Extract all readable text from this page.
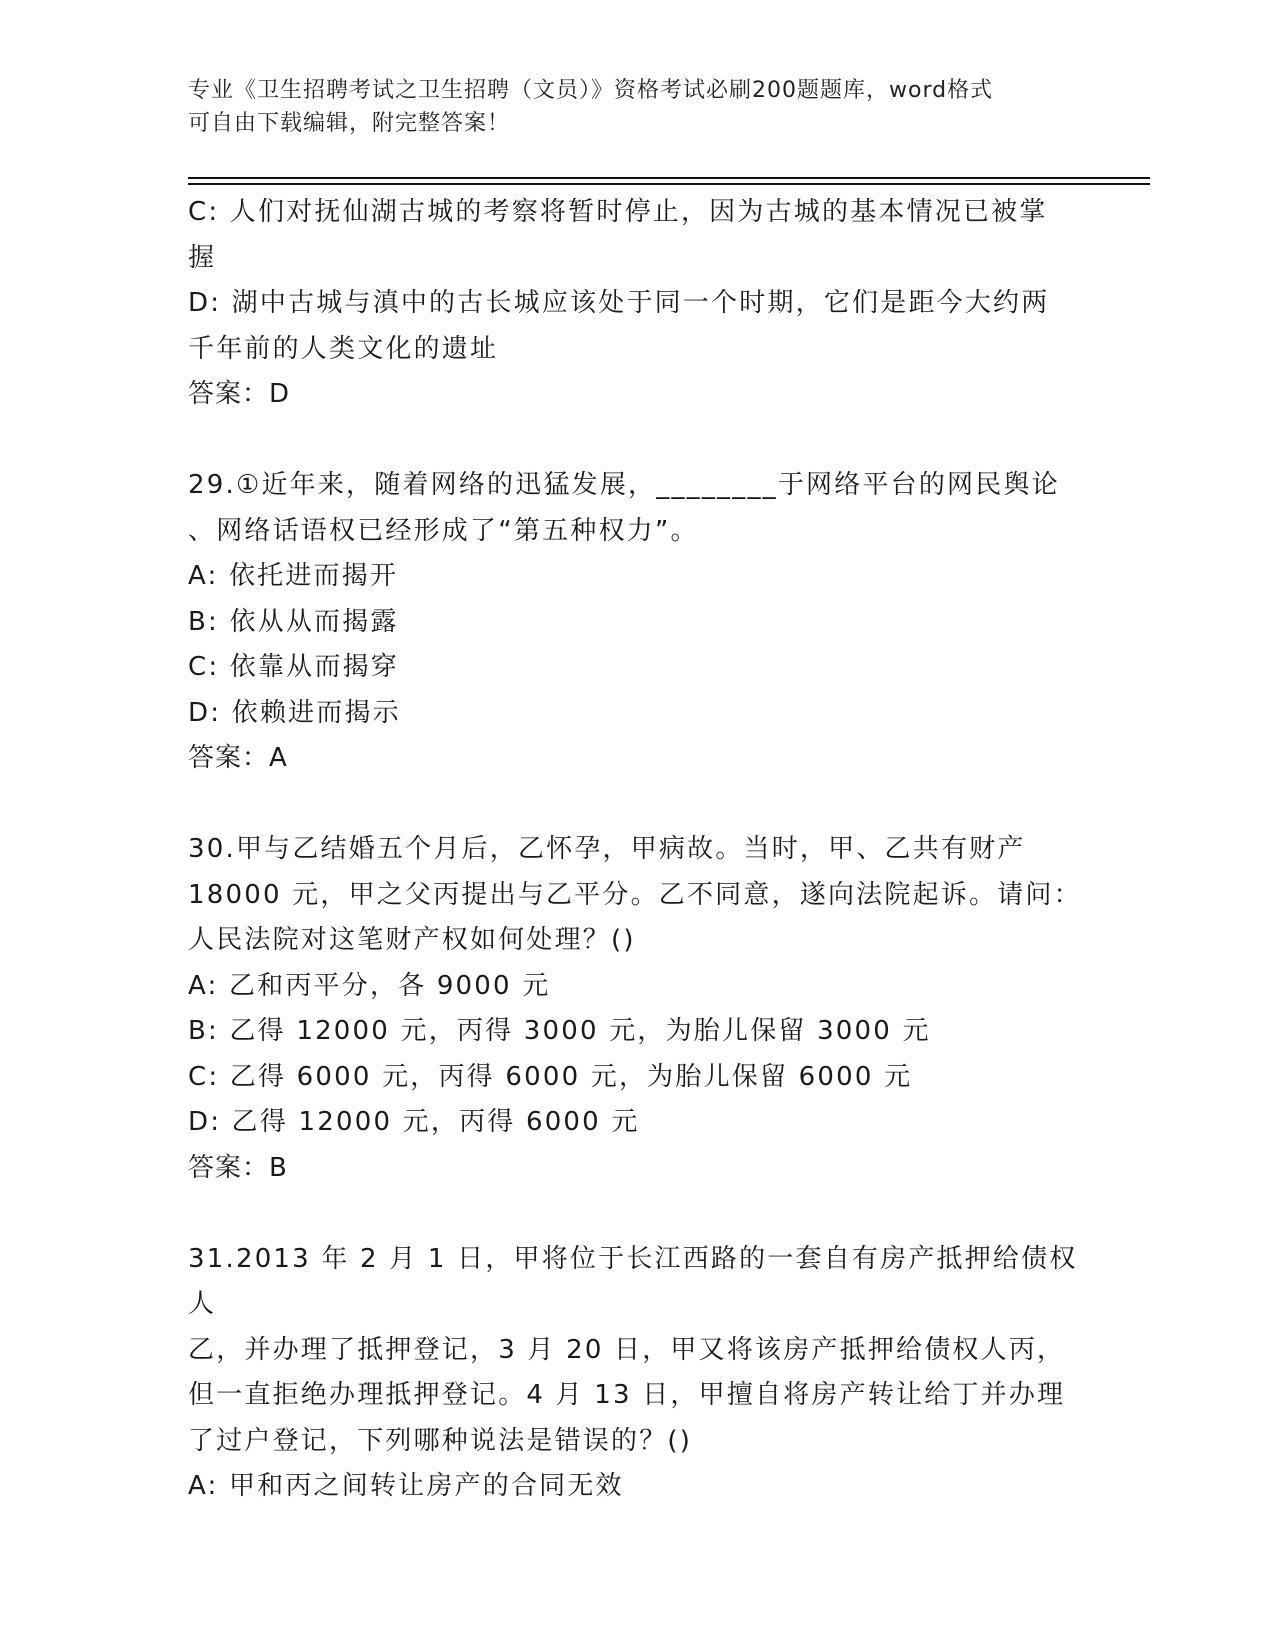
专业《卫生招聘考试之卫生招聘（文员）》资格考试必刷200题题库，word格式
可自由下载编辑，附完整答案！
C: 人们对抚仙湖古城的考察将暂时停止，因为古城的基本情况已被掌
握
D: 湖中古城与滇中的古长城应该处于同一个时期，它们是距今大约两
千年前的人类文化的遗址
答案：D
29.①近年来，随着网络的迅猛发展，________于网络平台的网民舆论
、网络话语权已经形成了“第五种权力”。
A: 依托进而揭开
B: 依从从而揭露
C: 依靠从而揭穿
D: 依赖进而揭示
答案：A
30.甲与乙结婚五个月后，乙怀孕，甲病故。当时，甲、乙共有财产
18000 元，甲之父丙提出与乙平分。乙不同意，遂向法院起诉。请问：
人民法院对这笔财产权如何处理？()
A: 乙和丙平分，各 9000 元
B: 乙得 12000 元，丙得 3000 元，为胎儿保留 3000 元
C: 乙得 6000 元，丙得 6000 元，为胎儿保留 6000 元
D: 乙得 12000 元，丙得 6000 元
答案：B
31.2013 年 2 月 1 日，甲将位于长江西路的一套自有房产抵押给债权人
乙，并办理了抵押登记，3 月 20 日，甲又将该房产抵押给债权人丙，
但一直拒绝办理抵押登记。4 月 13 日，甲擅自将房产转让给丁并办理
了过户登记，下列哪种说法是错误的？()
A: 甲和丙之间转让房产的合同无效
